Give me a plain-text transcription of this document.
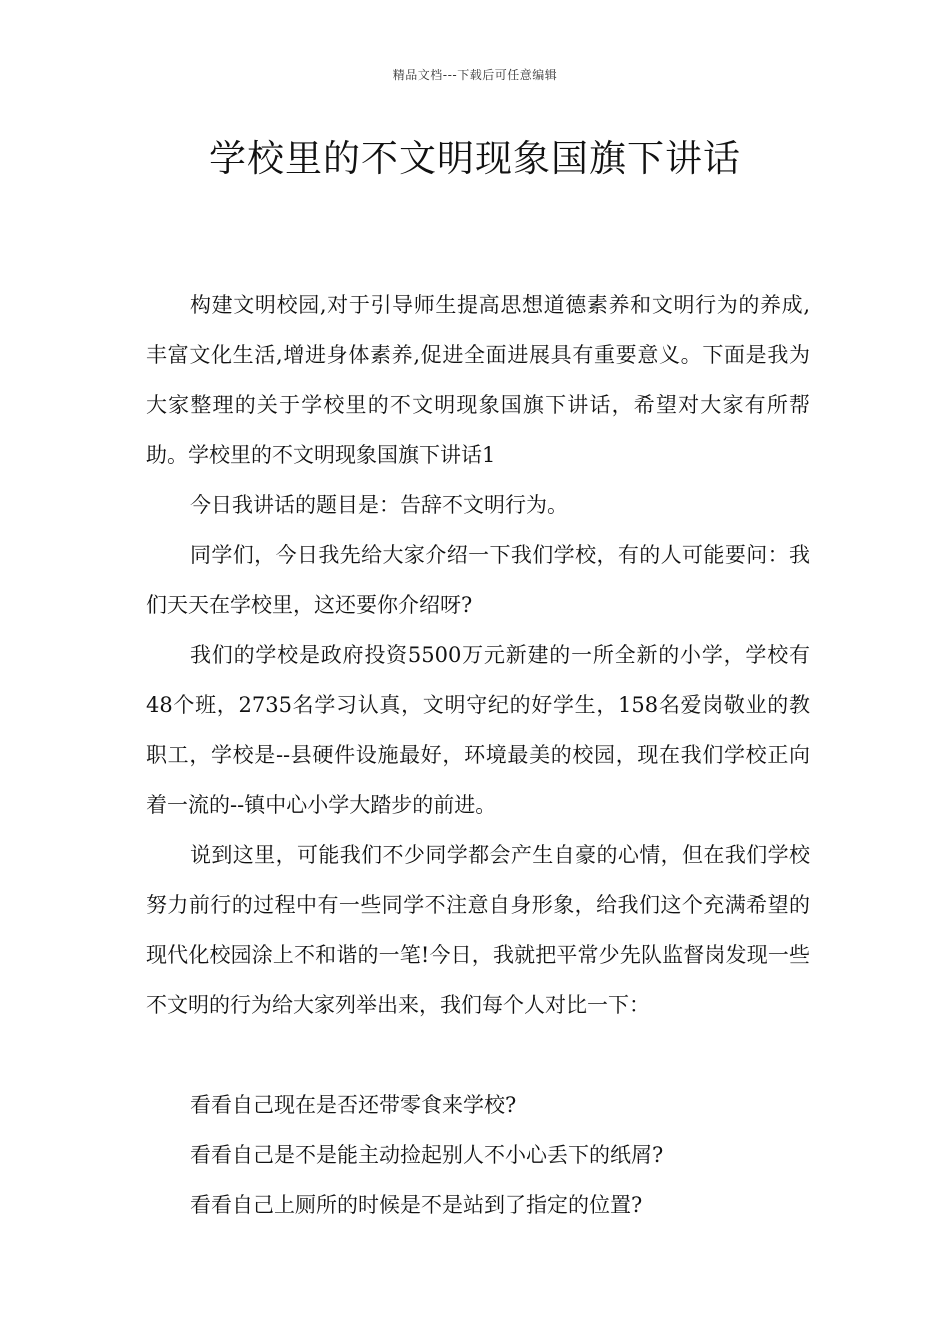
精品文档---下载后可任意编辑
学校里的不文明现象国旗下讲话

构建文明校园,对于引导师生提高思想道德素养和文明行为的养成,丰富文化生活,增进身体素养,促进全面进展具有重要意义。下面是我为大家整理的关于学校里的不文明现象国旗下讲话，希望对大家有所帮助。学校里的不文明现象国旗下讲话1

今日我讲话的题目是：告辞不文明行为。

同学们，今日我先给大家介绍一下我们学校，有的人可能要问：我们天天在学校里，这还要你介绍呀?

我们的学校是政府投资5500万元新建的一所全新的小学，学校有48个班，2735名学习认真，文明守纪的好学生，158名爱岗敬业的教职工，学校是--县硬件设施最好，环境最美的校园，现在我们学校正向着一流的--镇中心小学大踏步的前进。

说到这里，可能我们不少同学都会产生自豪的心情，但在我们学校努力前行的过程中有一些同学不注意自身形象，给我们这个充满希望的现代化校园涂上不和谐的一笔!今日，我就把平常少先队监督岗发现一些不文明的行为给大家列举出来，我们每个人对比一下：

看看自己现在是否还带零食来学校?

看看自己是不是能主动捡起别人不小心丢下的纸屑?

看看自己上厕所的时候是不是站到了指定的位置?
